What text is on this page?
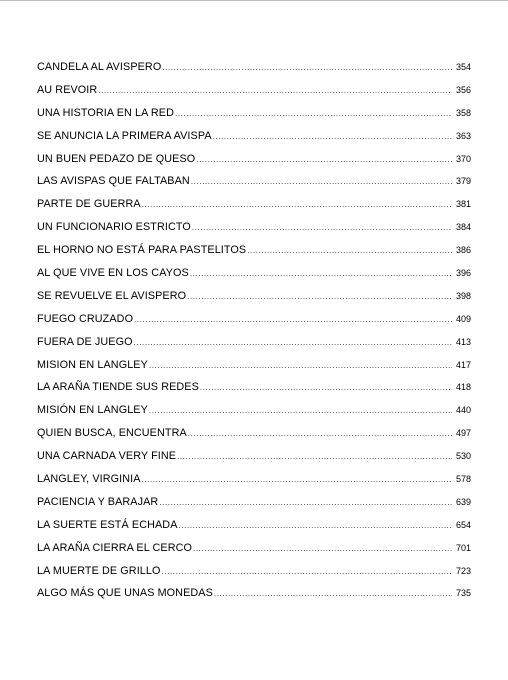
CANDELA AL AVISPERO .....	354
AU REVOIR .....	356
UNA HISTORIA EN LA RED .....	358
SE ANUNCIA LA PRIMERA AVISPA .....	363
UN BUEN PEDAZO DE QUESO .....	370
LAS AVISPAS QUE FALTABAN .....	379
PARTE DE GUERRA .....	381
UN FUNCIONARIO ESTRICTO .....	384
EL HORNO NO ESTÁ PARA PASTELITOS .....	386
AL QUE VIVE EN LOS CAYOS .....	396
SE REVUELVE EL AVISPERO .....	398
FUEGO CRUZADO .....	409
FUERA DE JUEGO .....	413
MISION EN LANGLEY .....	417
LA ARAÑA TIENDE SUS REDES .....	418
MISIÓN EN LANGLEY .....	440
QUIEN BUSCA, ENCUENTRA .....	497
UNA CARNADA VERY FINE .....	530
LANGLEY, VIRGINIA .....	578
PACIENCIA Y BARAJAR .....	639
LA SUERTE ESTÁ ECHADA .....	654
LA ARAÑA CIERRA EL CERCO .....	701
LA MUERTE DE GRILLO .....	723
ALGO MÁS QUE UNAS MONEDAS .....	735
